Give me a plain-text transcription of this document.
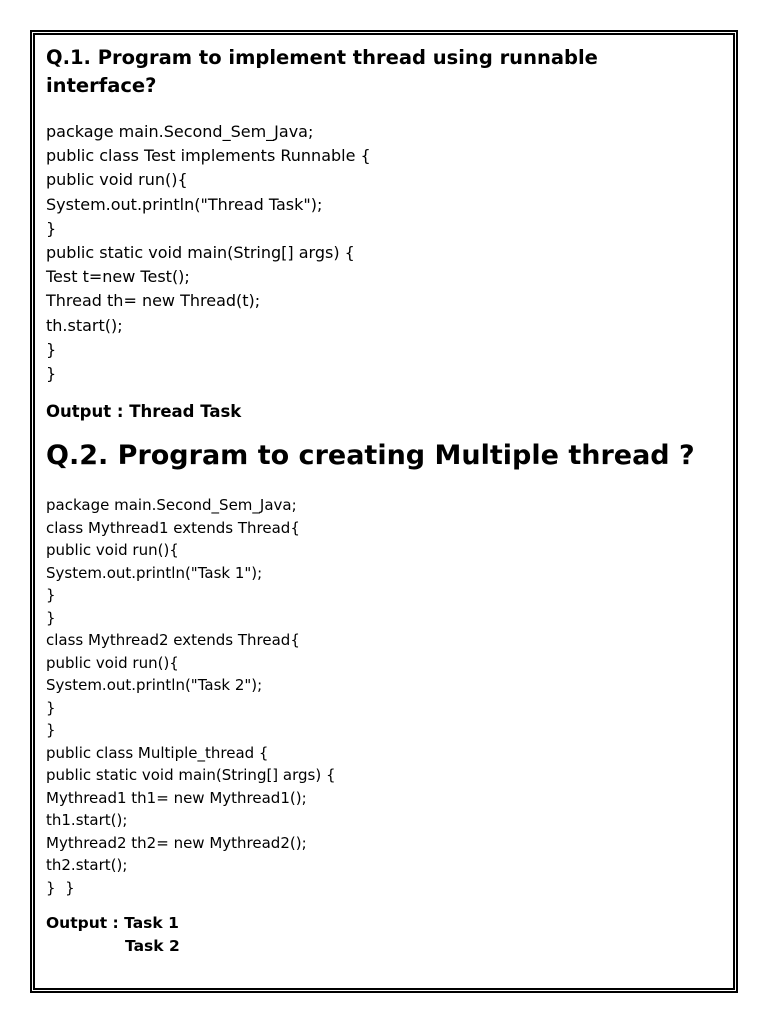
Q.1. Program to implement thread using runnable
interface?
package main.Second_Sem_Java;
public class Test implements Runnable {
public void run(){
System.out.println("Thread Task");
}
public static void main(String[] args) {
Test t=new Test();
Thread th= new Thread(t);
th.start();
}
}
Output : Thread Task
Q.2. Program to creating Multiple thread ?
package main.Second_Sem_Java;
class Mythread1 extends Thread{
public void run(){
System.out.println("Task 1");
}
}
class Mythread2 extends Thread{
public void run(){
System.out.println("Task 2");
}
}
public class Multiple_thread {
public static void main(String[] args) {
Mythread1 th1= new Mythread1();
th1.start();
Mythread2 th2= new Mythread2();
th2.start();
}  }
Output : Task 1
Task 2
